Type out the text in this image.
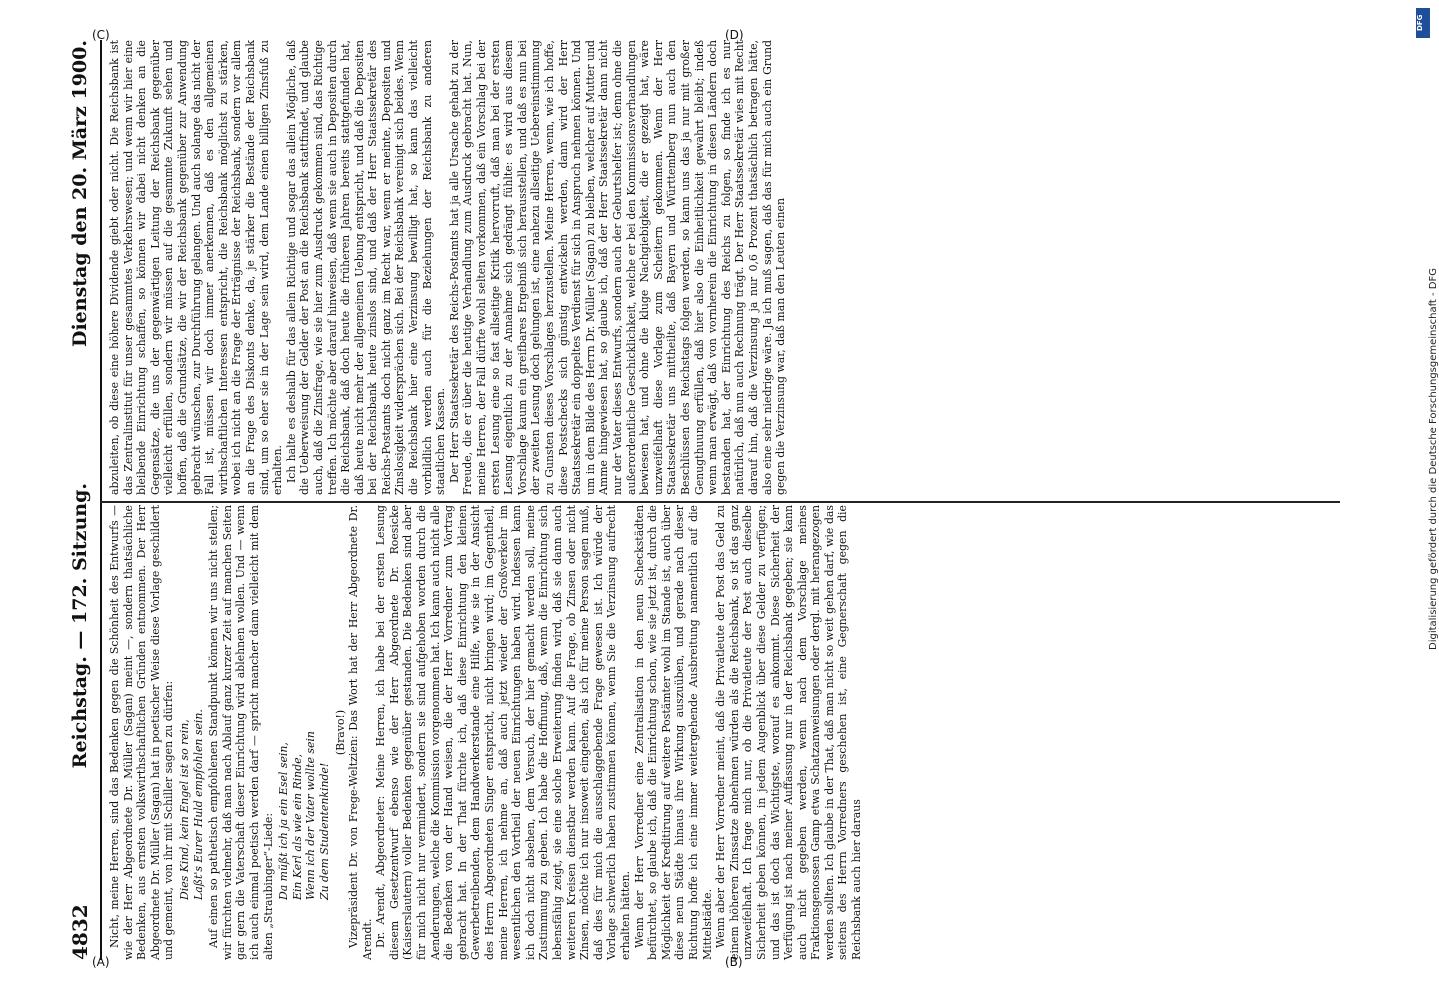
4832
Reichstag. — 172. Sitzung.
Dienstag den 20. März 1900.

Nicht, meine Herren, sind das Bedenken gegen die Schönheit des Entwurfs — wie der Herr Abgeordnete Dr. Müller (Sagan) meint —, sondern thatsächliche Bedenken, aus ernsten volkswirthschaftlichen Gründen entnommen. Der Herr Abgeordnete Dr. Müller (Sagan) hat in poetischer Weise diese Vorlage geschildert und gemeint, von ihr mit Schiller sagen zu dürfen: Dies Kind, kein Engel ist so rein, Laßt's Eurer Huld empfohlen sein. Auf einen so pathetisch empfohlenen Standpunkt können wir uns nicht stellen; wir fürchten vielmehr, daß man nach Ablauf ganz kurzer Zeit auf manchen Seiten gar gern die Vaterschaft dieser Einrichtung wird ablehnen wollen. Und — wenn ich auch einmal poetisch werden darf — spricht mancher dann vielleicht mit dem alten „Straubinger“-Liede: Da müßt ich ja ein Esel sein, Ein Kerl als wie ein Rinde, Wenn ich der Vater wollte sein Zu dem Studentenkinde!

(Bravo!) Vizepräsident Dr. von Frege-Weltzien: Das Wort hat der Herr Abgeordnete Dr. Arendt. Dr. Arendt, Abgeordneter: Meine Herren, ich habe bei der ersten Lesung diesem Gesetzentwurf ebenso wie der Herr Abgeordnete Dr. Roesicke (Kaiserslautern) voller Bedenken gegenüber gestanden. Die Bedenken sind aber für mich nicht nur vermindert, sondern sie sind aufgehoben worden durch die Aenderungen, welche die Kommission vorgenommen hat. Ich kann auch nicht alle die Bedenken von der Hand weisen, die der Herr Vorredner zum Vortrag gebracht hat. In der That fürchte ich, daß diese Einrichtung den kleinen Gewerbetreibenden, dem Handwerkerstande eine Hilfe, wie sie in der Ansicht des Herrn Abgeordneten Singer entspricht, nicht bringen wird; im Gegentheil, meine Herren, ich nehme an, daß auch jetzt wieder der Großverkehr im wesentlichen den Vortheil der neuen Einrichtungen haben wird. Indessen kann ich doch nicht absehen, dem Versuch, der hier gemacht werden soll, meine Zustimmung zu geben. Ich habe die Hoffnung, daß, wenn die Einrichtung sich lebensfähig zeigt, sie eine solche Erweiterung finden wird, daß sie dann auch weiteren Kreisen dienstbar werden kann. Auf die Frage, ob Zinsen oder nicht Zinsen, möchte ich nur insoweit eingehen, als ich für meine Person sagen muß, daß dies für mich die ausschlaggebende Frage gewesen ist. Ich würde der Vorlage schwerlich haben zustimmen können, wenn Sie die Verzinsung aufrecht erhalten hätten. Wenn der Herr Vorredner eine Zentralisation in den neun Scheckstädten befürchtet, so glaube ich, daß die Einrichtung schon, wie sie jetzt ist, durch die Möglichkeit der Kreditirung auf weitere Postämter wohl im Stande ist, auch über diese neun Städte hinaus ihre Wirkung auszuüben, und gerade nach dieser Richtung hoffe ich eine immer weitergehende Ausbreitung namentlich auf die Mittelstädte. Wenn aber der Herr Vorredner meint, daß die Privatleute der Post das Geld zu einem höheren Zinssatze abnehmen würden als die Reichsbank, so ist das ganz unzweifelhaft. Ich frage mich nur, ob die Privatleute der Post auch dieselbe Sicherheit geben können, in jedem Augenblick über diese Gelder zu verfügen; und das ist doch das Wichtigste, worauf es ankommt. Diese Sicherheit der Verfügung ist nach meiner Auffassung nur in der Reichsbank gegeben; sie kann auch nicht gegeben werden, wenn nach dem Vorschlage meines Fraktionsgenossen Gamp etwa Schatzanweisungen oder dergl. mit herangezogen werden sollten. Ich glaube in der That, daß man nicht so weit gehen darf, wie das seitens des Herrn Vorredners geschehen ist, eine Gegnerschaft gegen die Reichsbank auch hier daraus

abzuleiten, ob diese eine höhere Dividende giebt oder nicht. Die Reichsbank ist das Zentralinstitut für unser gesammtes Verkehrswesen; und wenn wir hier eine bleibende Einrichtung schaffen, so können wir dabei nicht denken an die Gegensätze, die uns der gegenwärtigen Leitung der Reichsbank gegenüber vielleicht erfüllen, sondern wir müssen auf die gesammte Zukunft sehen und hoffen, daß die Grundsätze, die wir der Reichsbank gegenüber zur Anwendung gebracht wünschen, zur Durchführung gelangen. Und auch solange das nicht der Fall ist, müssen wir doch immer anerkennen, daß es den allgemeinen wirthschaftlichen Interessen entspricht, die Reichsbank möglichst zu stärken, wobei ich nicht an die Frage der Erträgnisse der Reichsbank, sondern vor allem an die Frage des Diskonts denke, da, je stärker die Bestände der Reichsbank sind, um so eher sie in der Lage sein wird, dem Lande einen billigen Zinsfuß zu erhalten. Ich halte es deshalb für das allein Richtige und sogar das allein Mögliche, daß die Ueberweisung der Gelder der Post an die Reichsbank stattfindet, und glaube auch, daß die Zinsfrage, wie sie hier zum Ausdruck gekommen sind, das Richtige treffen. Ich möchte aber darauf hinweisen, daß wenn sie auch in Depositen durch die Reichsbank, daß doch heute die früheren Jahren bereits stattgefunden hat, daß heute nicht mehr der allgemeinen Uebung entspricht, und daß die Depositen bei der Reichsbank heute zinslos sind, und daß der Herr Staatssekretär des Reichs-Postamts doch nicht ganz im Recht war, wenn er meinte, Depositen und Zinslosigkeit widersprächen sich. Bei der Reichsbank vereinigt sich beides. Wenn die Reichsbank hier eine Verzinsung bewilligt hat, so kann das vielleicht vorbildlich werden auch für die Beziehungen der Reichsbank zu anderen staatlichen Kassen. Der Herr Staatssekretär des Reichs-Postamts hat ja alle Ursache gehabt zu der Freude, die er über die heutige Verhandlung zum Ausdruck gebracht hat. Nun, meine Herren, der Fall dürfte wohl selten vorkommen, daß ein Vorschlag bei der ersten Lesung eine so fast allseitige Kritik hervorruft, daß man bei der ersten Lesung eigentlich zu der Annahme sich gedrängt fühlte: es wird aus diesem Vorschlage kaum ein greifbares Ergebniß sich herausstellen, und daß es nun bei der zweiten Lesung doch gelungen ist, eine nahezu allseitige Uebereinstimmung zu Gunsten dieses Vorschlages herzustellen. Meine Herren, wenn, wie ich hoffe, diese Postschecks sich günstig entwickeln werden, dann wird der Herr Staatssekretär ein doppeltes Verdienst für sich in Anspruch nehmen können. Und um in dem Bilde des Herrn Dr. Müller (Sagan) zu bleiben, welcher auf Mutter und Amme hingewiesen hat, so glaube ich, daß der Herr Staatssekretär dann nicht nur der Vater dieses Entwurfs, sondern auch der Geburtshelfer ist; denn ohne die außerordentliche Geschicklichkeit, welche er bei den Kommissionsverhandlungen bewiesen hat, und ohne die kluge Nachgiebigkeit, die er gezeigt hat, wäre unzweifelhaft diese Vorlage zum Scheitern gekommen. Wenn der Herr Staatssekretär uns mittheilte, daß Bayern und Württemberg nun auch den Beschlüssen des Reichstags folgen werden, so kann uns das ja nur mit großer Genugthuung erfüllen, daß hier also die Einheitlichkeit gewahrt bleibt; indeß wenn man erwägt, daß von vornherein die Einrichtung in diesen Ländern doch bestanden hat, der Einrichtung des Reichs zu folgen, so finde ich es nur natürlich, daß nun auch Rechnung trägt. Der Herr Staatssekretär wies mit Recht darauf hin, daß die Verzinsung ja nur 0,6 Prozent thatsächlich betragen hätte, also eine sehr niedrige wäre. Ja ich muß sagen, daß das für mich auch ein Grund gegen die Verzinsung war, daß man den Leuten einen

(A)	(B)
(C)	(D)
DFG
Digitalisierung gefördert durch die Deutsche Forschungsgemeinschaft - DFG
